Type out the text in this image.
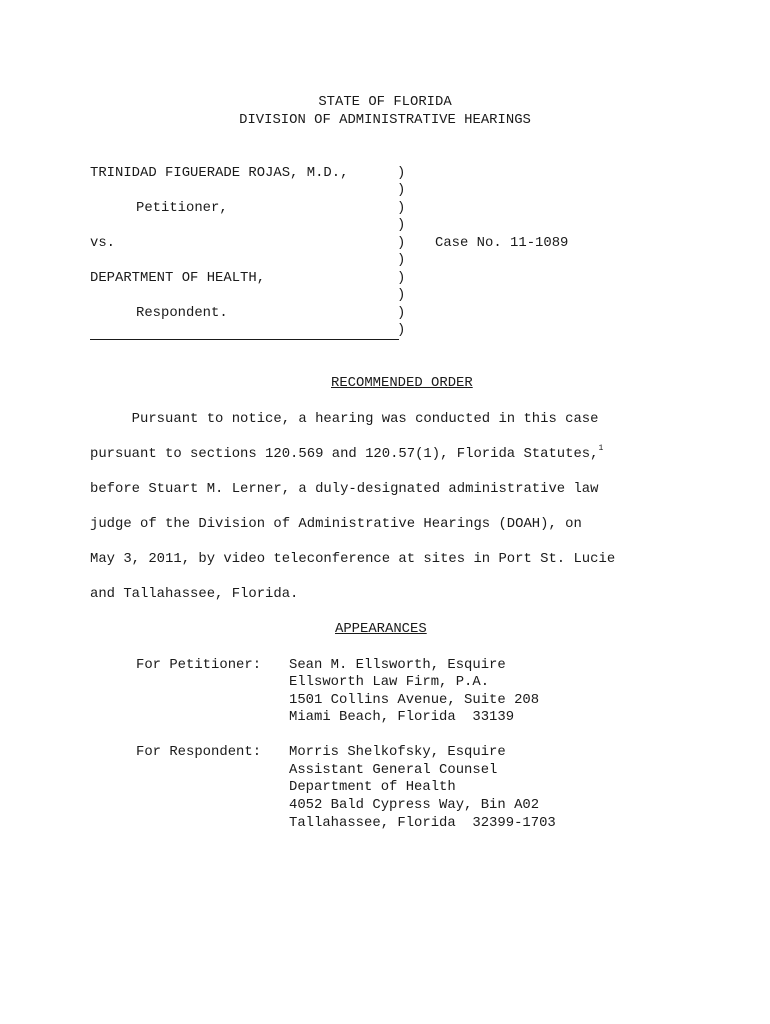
STATE OF FLORIDA
DIVISION OF ADMINISTRATIVE HEARINGS
TRINIDAD FIGUERADE ROJAS, M.D.,
Petitioner,
vs.
DEPARTMENT OF HEALTH,
Respondent.
)
)
)
)
)
)
)
)
)
)
Case No. 11-1089
RECOMMENDED ORDER
Pursuant to notice, a hearing was conducted in this case
pursuant to sections 120.569 and 120.57(1), Florida Statutes,$^1$
before Stuart M. Lerner, a duly-designated administrative law
judge of the Division of Administrative Hearings (DOAH), on
May 3, 2011, by video teleconference at sites in Port St. Lucie
and Tallahassee, Florida.
APPEARANCES
For Petitioner: Sean M. Ellsworth, Esquire
Ellsworth Law Firm, P.A.
1501 Collins Avenue, Suite 208
Miami Beach, Florida  33139
For Respondent: Morris Shelkofsky, Esquire
Assistant General Counsel
Department of Health
4052 Bald Cypress Way, Bin A02
Tallahassee, Florida  32399-1703
